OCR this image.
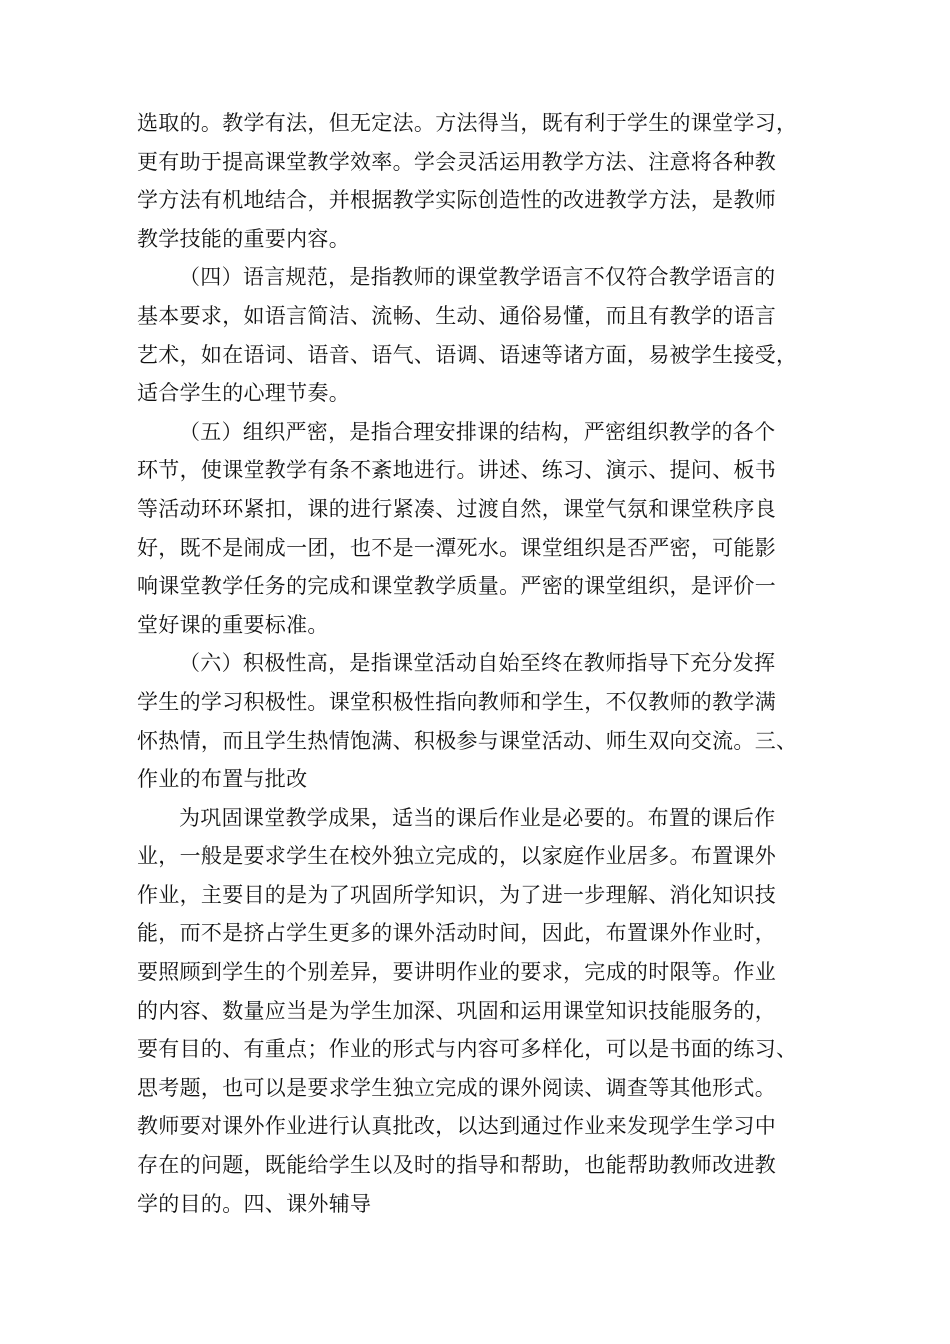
选取的。教学有法，但无定法。方法得当，既有利于学生的课堂学习，
更有助于提高课堂教学效率。学会灵活运用教学方法、注意将各种教
学方法有机地结合，并根据教学实际创造性的改进教学方法，是教师
教学技能的重要内容。
（四）语言规范，是指教师的课堂教学语言不仅符合教学语言的
基本要求，如语言简洁、流畅、生动、通俗易懂，而且有教学的语言
艺术，如在语词、语音、语气、语调、语速等诸方面，易被学生接受，
适合学生的心理节奏。
（五）组织严密，是指合理安排课的结构，严密组织教学的各个
环节，使课堂教学有条不紊地进行。讲述、练习、演示、提问、板书
等活动环环紧扣，课的进行紧凑、过渡自然，课堂气氛和课堂秩序良
好，既不是闹成一团，也不是一潭死水。课堂组织是否严密，可能影
响课堂教学任务的完成和课堂教学质量。严密的课堂组织，是评价一
堂好课的重要标准。
（六）积极性高，是指课堂活动自始至终在教师指导下充分发挥
学生的学习积极性。课堂积极性指向教师和学生，不仅教师的教学满
怀热情，而且学生热情饱满、积极参与课堂活动、师生双向交流。三、
作业的布置与批改
为巩固课堂教学成果，适当的课后作业是必要的。布置的课后作
业，一般是要求学生在校外独立完成的，以家庭作业居多。布置课外
作业，主要目的是为了巩固所学知识，为了进一步理解、消化知识技
能，而不是挤占学生更多的课外活动时间，因此，布置课外作业时，
要照顾到学生的个别差异，要讲明作业的要求，完成的时限等。作业
的内容、数量应当是为学生加深、巩固和运用课堂知识技能服务的，
要有目的、有重点；作业的形式与内容可多样化，可以是书面的练习、
思考题，也可以是要求学生独立完成的课外阅读、调查等其他形式。
教师要对课外作业进行认真批改，以达到通过作业来发现学生学习中
存在的问题，既能给学生以及时的指导和帮助，也能帮助教师改进教
学的目的。四、课外辅导
